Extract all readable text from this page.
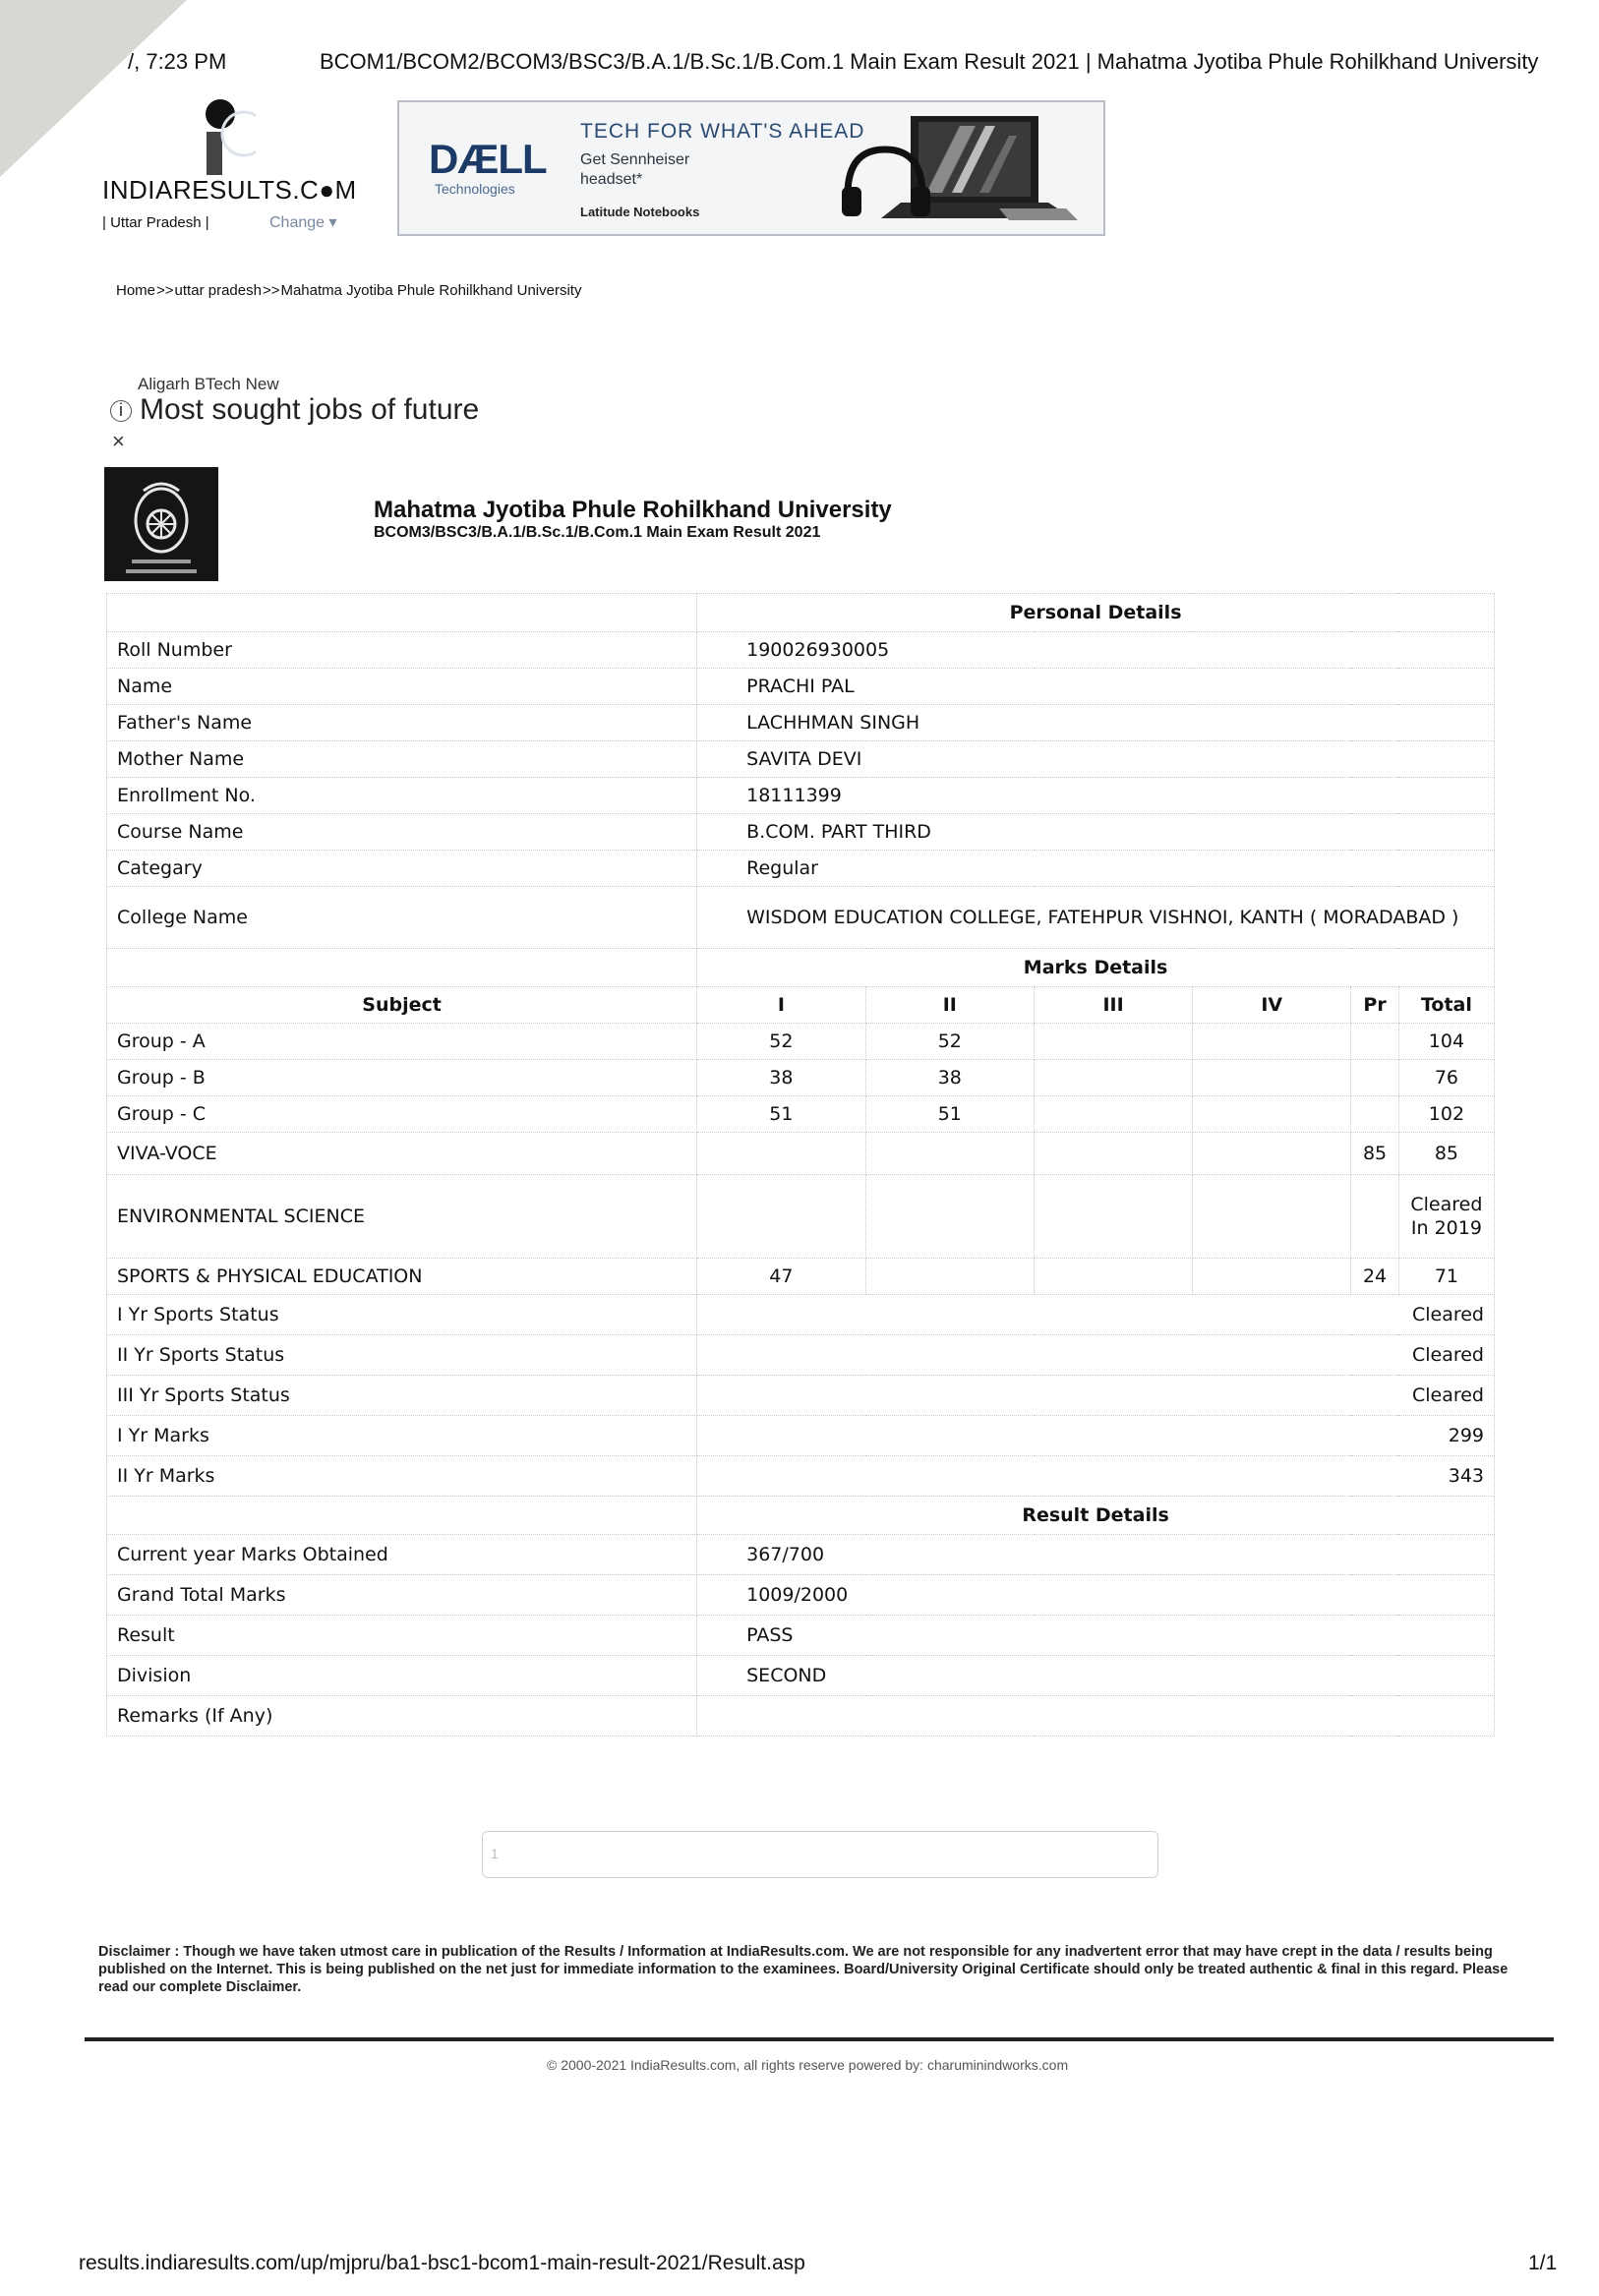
/, 7:23 PM	BCOM1/BCOM2/BCOM3/BSC3/B.A.1/B.Sc.1/B.Com.1 Main Exam Result 2021 | Mahatma Jyotiba Phule Rohilkhand University
INDIARESULTS.C●M
| Uttar Pradesh |	Change ▾
DÆLL
Technologies
TECH FOR WHAT'S AHEAD
Get Sennheiser
headset*
Latitude Notebooks
Home>>uttar pradesh>>Mahatma Jyotiba Phule Rohilkhand University
Aligarh BTech New
i Most sought jobs of future
×
Mahatma Jyotiba Phule Rohilkhand University
BCOM3/BSC3/B.A.1/B.Sc.1/B.Com.1 Main Exam Result 2021
	Personal Details					
Roll Number	190026930005					
Name	PRACHI PAL					
Father's Name	LACHHMAN SINGH					
Mother Name	SAVITA DEVI					
Enrollment No.	18111399					
Course Name	B.COM. PART THIRD					
Categary	Regular					
College Name	WISDOM EDUCATION COLLEGE, FATEHPUR VISHNOI, KANTH ( MORADABAD )					
	Marks Details					
Subject	I	II	III	IV	Pr	Total
Group - A	52	52				104
Group - B	38	38				76
Group - C	51	51				102
VIVA-VOCE					85	85
ENVIRONMENTAL SCIENCE						Cleared In 2019
SPORTS & PHYSICAL EDUCATION	47				24	71
I Yr Sports Status	Cleared					
II Yr Sports Status	Cleared					
III Yr Sports Status	Cleared					
I Yr Marks	299					
II Yr Marks	343					
	Result Details					
Current year Marks Obtained	367/700					
Grand Total Marks	1009/2000					
Result	PASS					
Division	SECOND					
Remarks (If Any)						
1
Disclaimer : Though we have taken utmost care in publication of the Results / Information at IndiaResults.com. We are not responsible for any inadvertent error that may have crept in the data / results being published on the Internet. This is being published on the net just for immediate information to the examinees. Board/University Original Certificate should only be treated authentic & final in this regard. Please read our complete Disclaimer.
© 2000-2021 IndiaResults.com, all rights reserve powered by: charuminindworks.com
results.indiaresults.com/up/mjpru/ba1-bsc1-bcom1-main-result-2021/Result.asp	1/1
